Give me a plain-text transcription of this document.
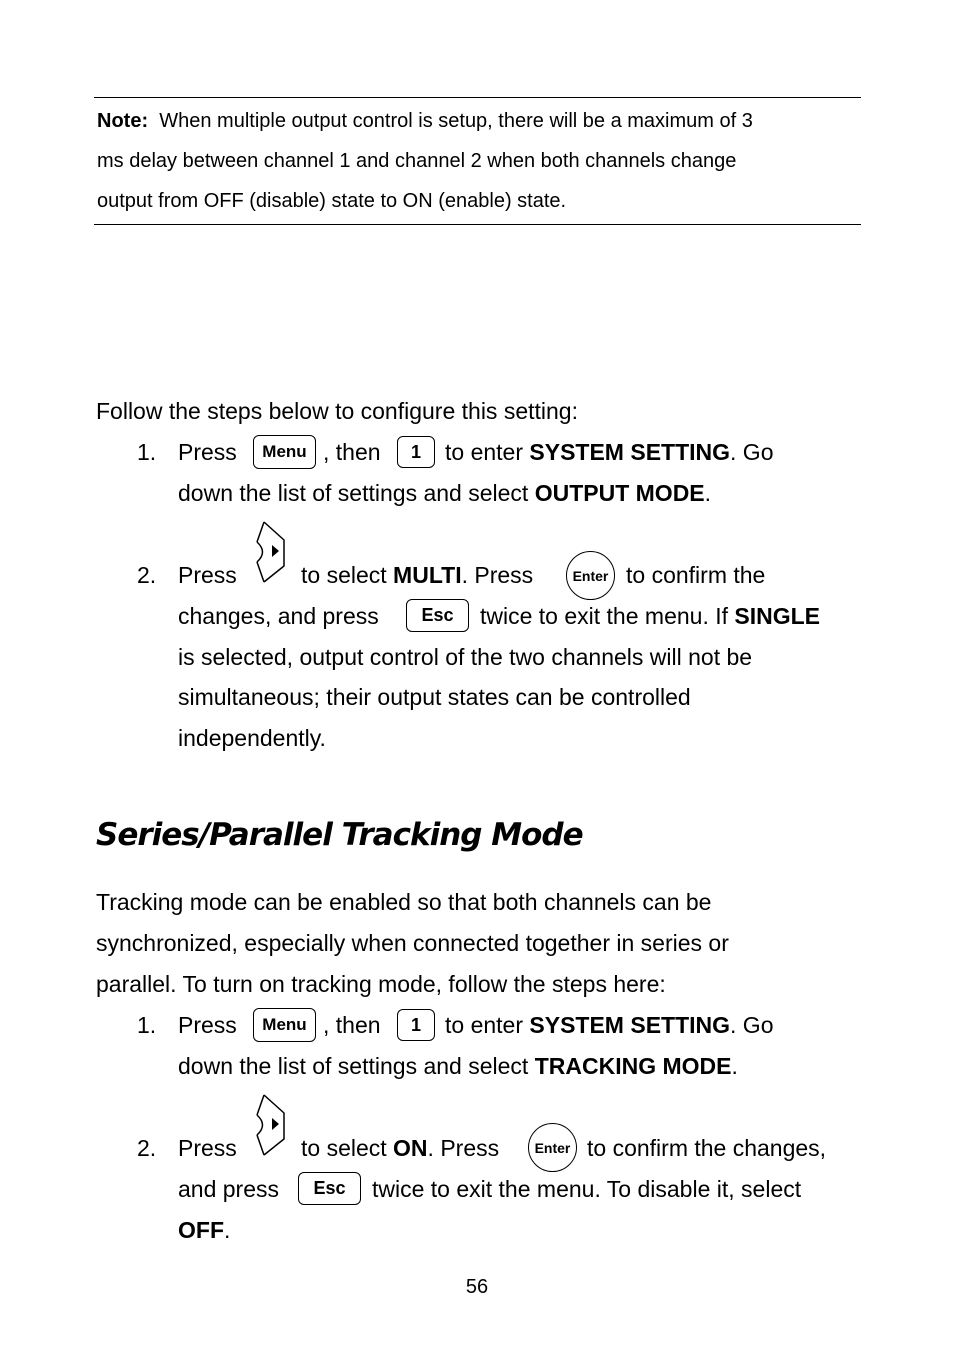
Note: When multiple output control is setup, there will be a maximum of 3
ms delay between channel 1 and channel 2 when both channels change
output from OFF (disable) state to ON (enable) state.
Follow the steps below to configure this setting:
1. Press	Menu , then	1	to enter SYSTEM SETTING. Go
down the list of settings and select OUTPUT MODE.
2. Press	to select MULTI. Press	Enter to confirm the
changes, and press	Esc	twice to exit the menu. If SINGLE
is selected, output control of the two channels will not be
simultaneous; their output states can be controlled
independently.
Series/Parallel Tracking Mode
Tracking mode can be enabled so that both channels can be
synchronized, especially when connected together in series or
parallel. To turn on tracking mode, follow the steps here:
1. Press	Menu , then	1	to enter SYSTEM SETTING. Go
down the list of settings and select TRACKING MODE.
2. Press	to select ON. Press	Enter to confirm the changes,
and press	Esc	twice to exit the menu. To disable it, select
OFF.
56
